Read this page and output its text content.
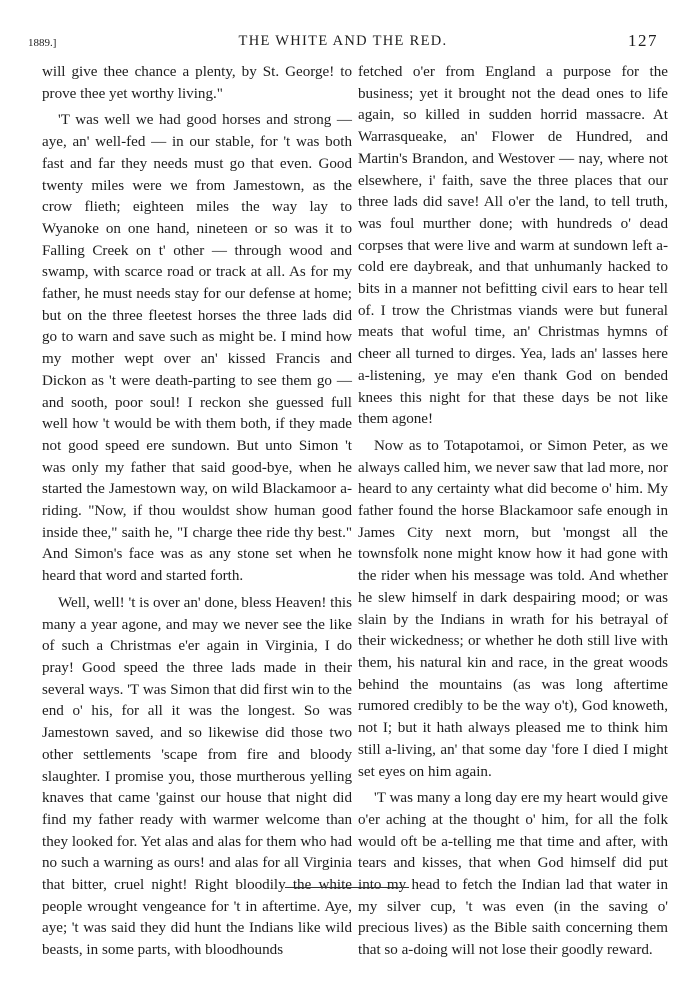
1889.]	THE WHITE AND THE RED.	127

will give thee chance a plenty, by St. George! to prove thee yet worthy living."

'T was well we had good horses and strong — aye, an' well-fed — in our stable, for 't was both fast and far they needs must go that even. Good twenty miles were we from Jamestown, as the crow flieth; eighteen miles the way lay to Wyanoke on one hand, nineteen or so was it to Falling Creek on t' other — through wood and swamp, with scarce road or track at all. As for my father, he must needs stay for our defense at home; but on the three fleetest horses the three lads did go to warn and save such as might be. I mind how my mother wept over an' kissed Francis and Dickon as 't were death-parting to see them go — and sooth, poor soul! I reckon she guessed full well how 't would be with them both, if they made not good speed ere sundown. But unto Simon 't was only my father that said good-bye, when he started the Jamestown way, on wild Blackamoor a-riding. "Now, if thou wouldst show human good inside thee," saith he, "I charge thee ride thy best." And Simon's face was as any stone set when he heard that word and started forth.

Well, well! 't is over an' done, bless Heaven! this many a year agone, and may we never see the like of such a Christmas e'er again in Virginia, I do pray! Good speed the three lads made in their several ways. 'T was Simon that did first win to the end o' his, for all it was the longest. So was Jamestown saved, and so likewise did those two other settlements 'scape from fire and bloody slaughter. I promise you, those murtherous yelling knaves that came 'gainst our house that night did find my father ready with warmer welcome than they looked for. Yet alas and alas for them who had no such a warning as ours! and alas for all Virginia that bitter, cruel night! Right bloodily the white people wrought vengeance for 't in aftertime. Aye, aye; 't was said they did hunt the Indians like wild beasts, in some parts, with bloodhounds

fetched o'er from England a purpose for the business; yet it brought not the dead ones to life again, so killed in sudden horrid massacre. At Warrasqueake, an' Flower de Hundred, and Martin's Brandon, and Westover — nay, where not elsewhere, i' faith, save the three places that our three lads did save! All o'er the land, to tell truth, was foul murther done; with hundreds o' dead corpses that were live and warm at sundown left a-cold ere daybreak, and that unhumanly hacked to bits in a manner not befitting civil ears to hear tell of. I trow the Christmas viands were but funeral meats that woful time, an' Christmas hymns of cheer all turned to dirges. Yea, lads an' lasses here a-listening, ye may e'en thank God on bended knees this night for that these days be not like them agone!

Now as to Totapotamoi, or Simon Peter, as we always called him, we never saw that lad more, nor heard to any certainty what did become o' him. My father found the horse Blackamoor safe enough in James City next morn, but 'mongst all the townsfolk none might know how it had gone with the rider when his message was told. And whether he slew himself in dark despairing mood; or was slain by the Indians in wrath for his betrayal of their wickedness; or whether he doth still live with them, his natural kin and race, in the great woods behind the mountains (as was long aftertime rumored credibly to be the way o't), God knoweth, not I; but it hath always pleased me to think him still a-living, an' that some day 'fore I died I might set eyes on him again.

'T was many a long day ere my heart would give o'er aching at the thought o' him, for all the folk would oft be a-telling me that time and after, with tears and kisses, that when God himself did put into my head to fetch the Indian lad that water in my silver cup, 't was even (in the saving o' precious lives) as the Bible saith concerning them that so a-doing will not lose their goodly reward.
